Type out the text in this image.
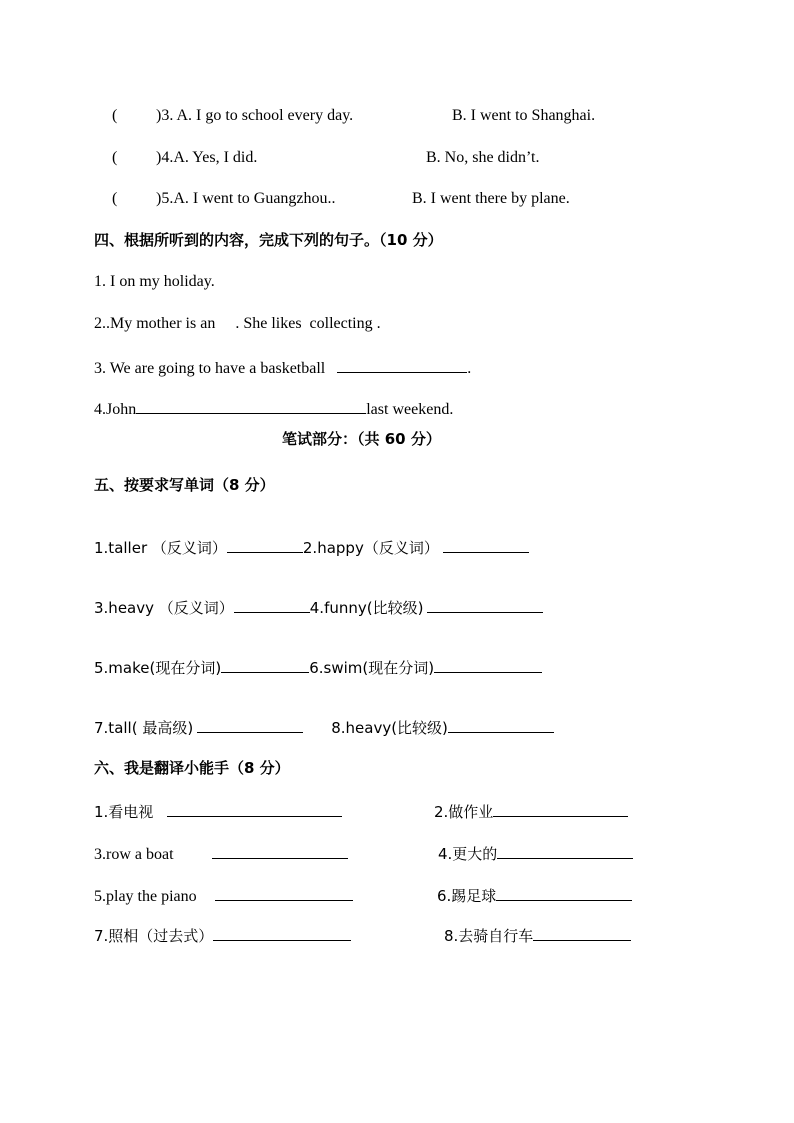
( )3. A. I go to school every day.	B. I went to Shanghai.
( )4.A. Yes, I did.	B. No, she didn’t.
( )5.A. I went to Guangzhou..	B. I went there by plane.
四、根据所听到的内容，完成下列的句子。（10 分）
1. I on my holiday.
2..My mother is an     . She likes  collecting .
3. We are going to have a basketball	.
4.John	last weekend.
笔试部分：（共 60 分）
五、按要求写单词（8 分）
1.taller （反义词）	2.happy（反义词）
3.heavy （反义词）	4.funny(比较级)
5.make(现在分词)	6.swim(现在分词)
7.tall( 最高级)	8.heavy(比较级)
六、我是翻译小能手（8 分）
1.看电视	2.做作业
3.row a boat	4.更大的
5.play the piano	6.踢足球
7.照相（过去式）	8.去骑自行车
